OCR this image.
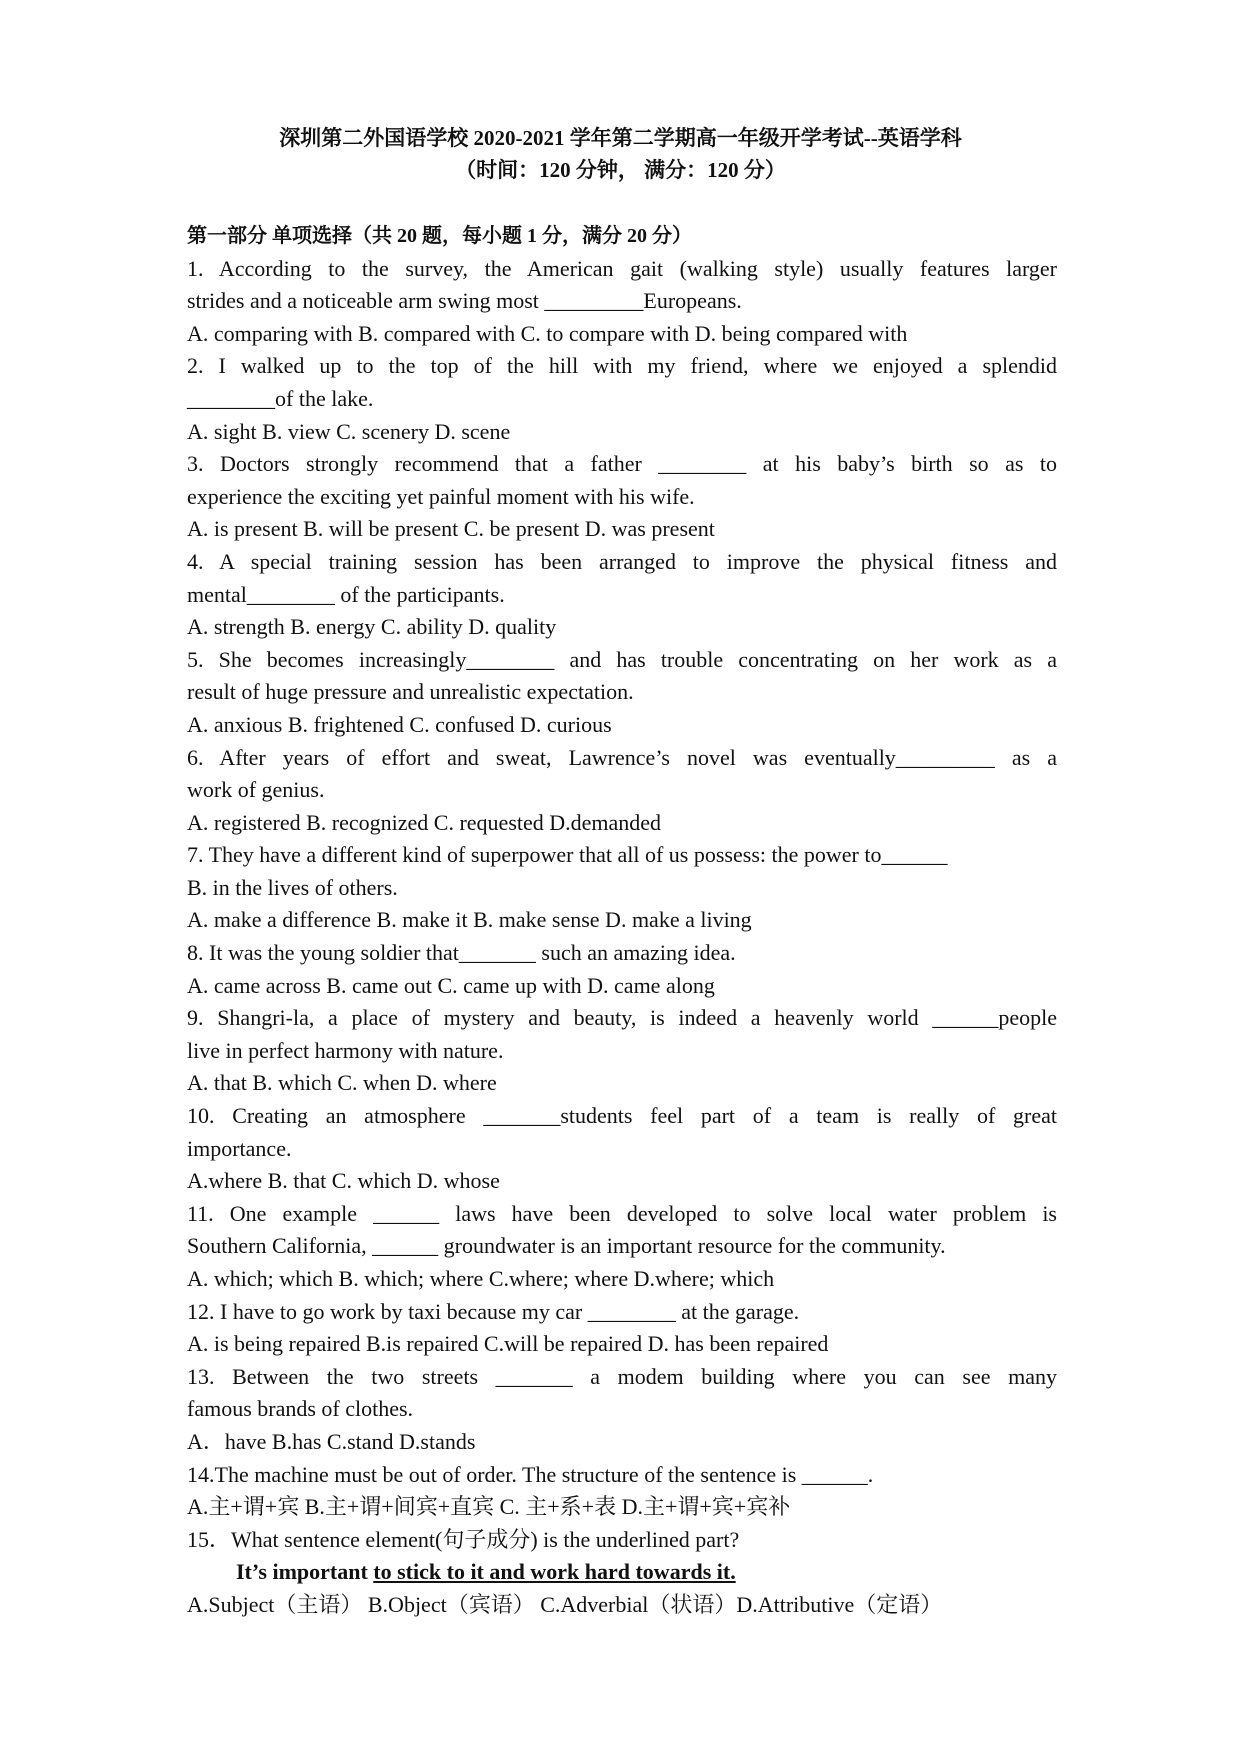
深圳第二外国语学校 2020-2021 学年第二学期高一年级开学考试--英语学科
（时间：120 分钟， 满分：120 分）
第一部分 单项选择（共 20 题，每小题 1 分，满分 20 分）
1. According to the survey, the American gait (walking style) usually features larger
strides and a noticeable arm swing most _________Europeans.
A. comparing with B. compared with C. to compare with D. being compared with
2. I walked up to the top of the hill with my friend, where we enjoyed a splendid
________of the lake.
A. sight B. view C. scenery D. scene
3. Doctors strongly recommend that a father ________ at his baby’s birth so as to
experience the exciting yet painful moment with his wife.
A. is present B. will be present C. be present D. was present
4. A special training session has been arranged to improve the physical fitness and
mental________ of the participants.
A. strength B. energy C. ability D. quality
5. She becomes increasingly________ and has trouble concentrating on her work as a
result of huge pressure and unrealistic expectation.
A. anxious B. frightened C. confused D. curious
6. After years of effort and sweat, Lawrence’s novel was eventually_________ as a
work of genius.
A. registered B. recognized C. requested D.demanded
7. They have a different kind of superpower that all of us possess: the power to______
B. in the lives of others.
A. make a difference B. make it B. make sense D. make a living
8. It was the young soldier that_______ such an amazing idea.
A. came across B. came out C. came up with D. came along
9. Shangri-la, a place of mystery and beauty, is indeed a heavenly world ______people
live in perfect harmony with nature.
A. that B. which C. when D. where
10. Creating an atmosphere _______students feel part of a team is really of great
importance.
A.where B. that C. which D. whose
11. One example ______ laws have been developed to solve local water problem is
Southern California, ______ groundwater is an important resource for the community.
A. which; which B. which; where C.where; where D.where; which
12. I have to go work by taxi because my car ________ at the garage.
A. is being repaired B.is repaired C.will be repaired D. has been repaired
13. Between the two streets _______ a modem building where you can see many
famous brands of clothes.
A．have B.has C.stand D.stands
14.The machine must be out of order. The structure of the sentence is ______.
A.主+谓+宾 B.主+谓+间宾+直宾 C. 主+系+表 D.主+谓+宾+宾补
15．What sentence element(句子成分) is the underlined part?
It’s important to stick to it and work hard towards it.
A.Subject（主语） B.Object（宾语） C.Adverbial（状语）D.Attributive（定语）
